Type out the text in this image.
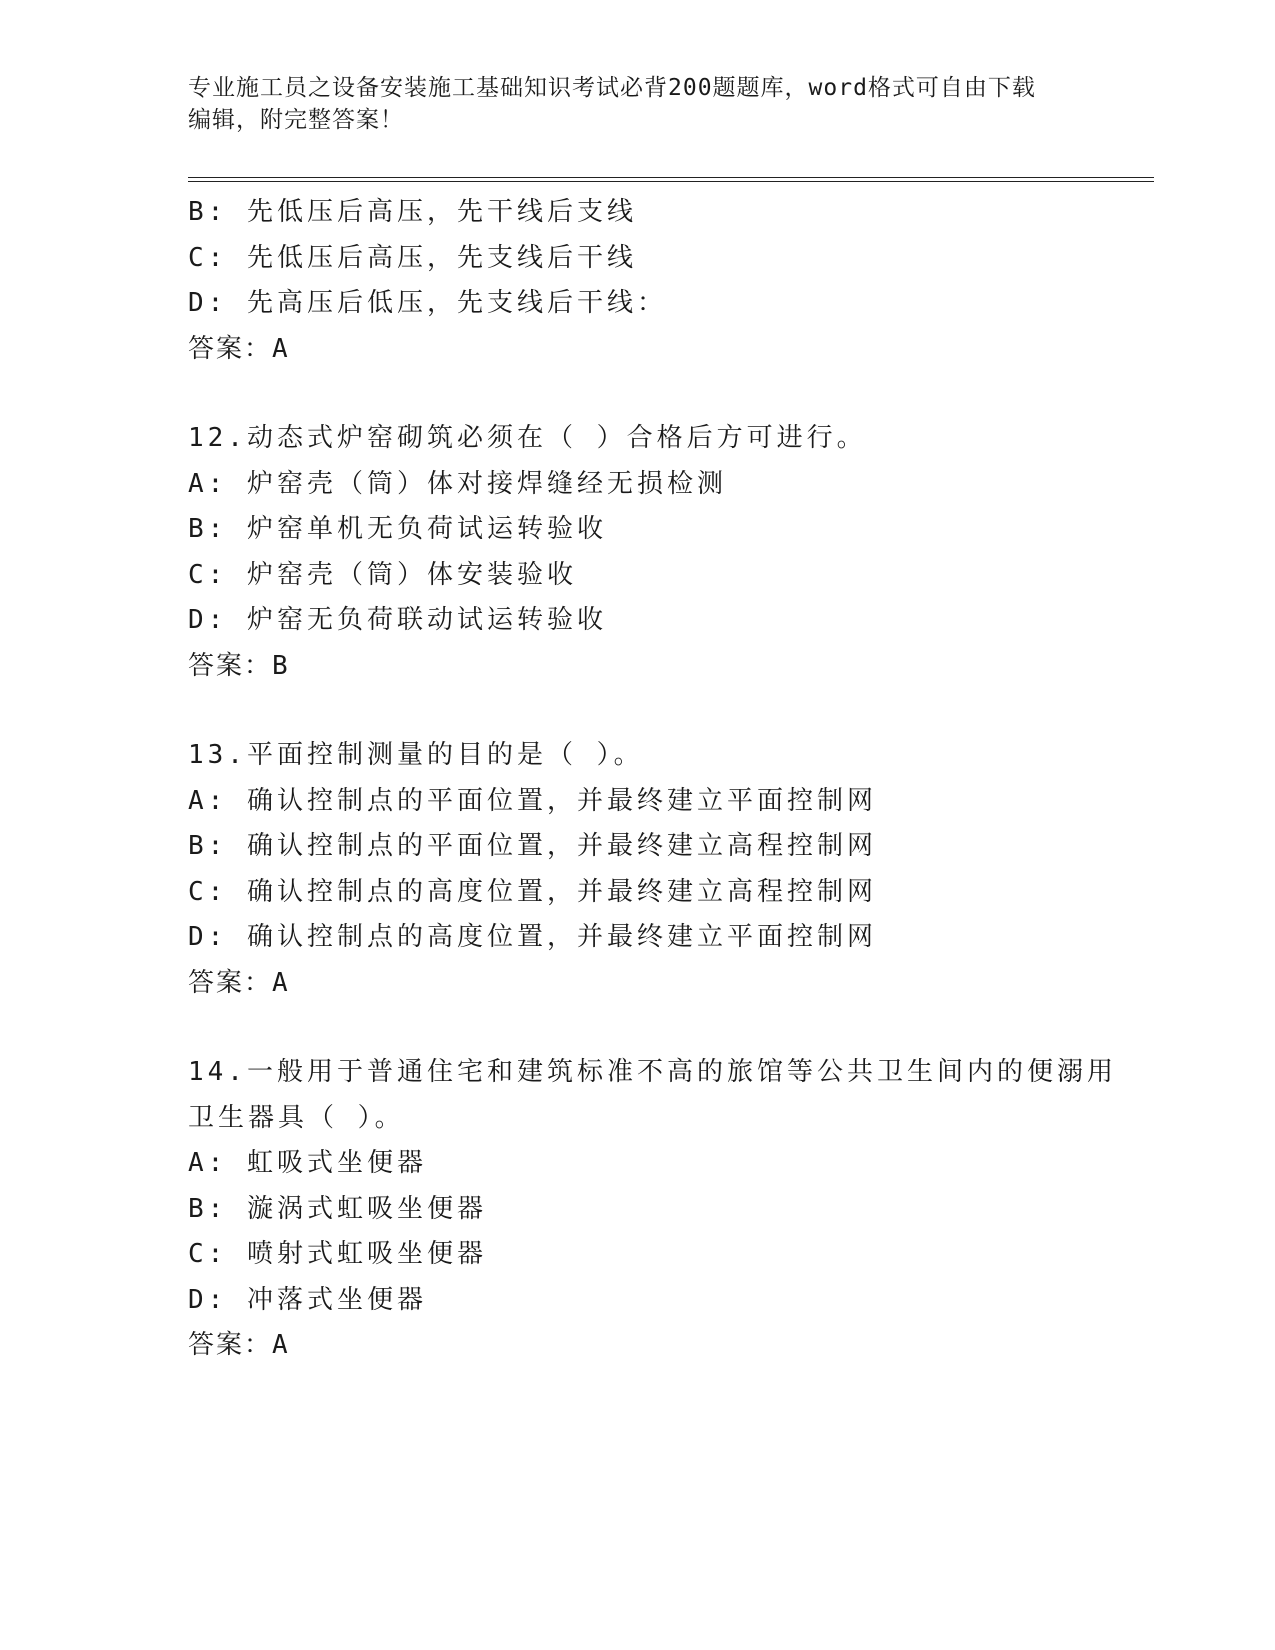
专业施工员之设备安装施工基础知识考试必背200题题库，word格式可自由下载
编辑，附完整答案！
B: 先低压后高压，先干线后支线
C: 先低压后高压，先支线后干线
D: 先高压后低压，先支线后干线：
答案：A
12.动态式炉窑砌筑必须在（ ）合格后方可进行。
A: 炉窑壳（筒）体对接焊缝经无损检测
B: 炉窑单机无负荷试运转验收
C: 炉窑壳（筒）体安装验收
D: 炉窑无负荷联动试运转验收
答案：B
13.平面控制测量的目的是（ ）。
A: 确认控制点的平面位置，并最终建立平面控制网
B: 确认控制点的平面位置，并最终建立高程控制网
C: 确认控制点的高度位置，并最终建立高程控制网
D: 确认控制点的高度位置，并最终建立平面控制网
答案：A
14.一般用于普通住宅和建筑标准不高的旅馆等公共卫生间内的便溺用
卫生器具（ ）。
A: 虹吸式坐便器
B: 漩涡式虹吸坐便器
C: 喷射式虹吸坐便器
D: 冲落式坐便器
答案：A
